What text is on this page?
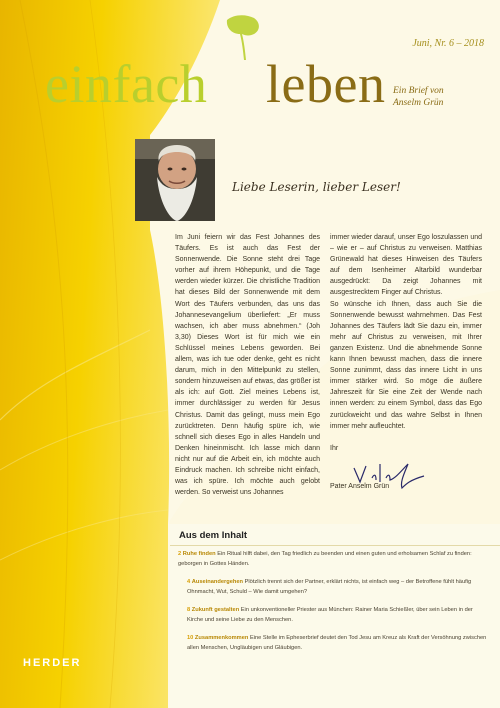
Juni, Nr. 6 – 2018
einfach leben Ein Brief von
Anselm Grün
Liebe Leserin, lieber Leser!

Im Juni feiern wir das Fest Johannes des Täufers. Es ist auch das Fest der Sonnenwende. Die Sonne steht drei Tage vorher auf ihrem Höhepunkt, und die Tage werden wieder kürzer. Die christliche Tradition hat dieses Bild der Sonnenwende mit dem Wort des Täufers verbunden, das uns das Johannesevangelium überliefert: „Er muss wachsen, ich aber muss abnehmen.“ (Joh 3,30) Dieses Wort ist für mich wie ein Schlüssel meines Lebens geworden. Bei allem, was ich tue oder denke, geht es nicht darum, mich in den Mittelpunkt zu stellen, sondern hinzuweisen auf etwas, das größer ist als ich: auf Gott. Ziel meines Lebens ist, immer durchlässiger zu werden für Jesus Christus. Damit das gelingt, muss mein Ego zurücktreten. Denn häufig spüre ich, wie schnell sich dieses Ego in alles Handeln und Denken hineinmischt. Ich lasse mich dann nicht nur auf die Arbeit ein, ich möchte auch Eindruck machen. Ich schreibe nicht einfach, was ich spüre. Ich möchte auch gelobt werden. So verweist uns Johannes

immer wieder darauf, unser Ego loszulassen und – wie er – auf Christus zu verweisen. Matthias Grünewald hat dieses Hinweisen des Täufers auf dem Isenheimer Altarbild wunderbar ausgedrückt: Da zeigt Johannes mit ausgestrecktem Finger auf Christus.

So wünsche ich Ihnen, dass auch Sie die Sonnenwende bewusst wahrnehmen. Das Fest Johannes des Täufers lädt Sie dazu ein, immer mehr auf Christus zu verweisen, mit Ihrer ganzen Existenz. Und die abnehmende Sonne kann Ihnen bewusst machen, dass die innere Sonne zunimmt, dass das innere Licht in uns immer stärker wird. So möge die äußere Jahreszeit für Sie eine Zeit der Wende nach innen werden: zu einem Symbol, dass das Ego zurückweicht und das wahre Selbst in Ihnen immer mehr aufleuchtet.

Ihr

Pater Anselm Grün

Aus dem Inhalt
2 Ruhe finden Ein Ritual hilft dabei, den Tag friedlich zu beenden und einen guten und erholsamen Schlaf zu finden: geborgen in Gottes Händen.
4 Auseinandergehen Plötzlich trennt sich der Partner, erklärt nichts, ist einfach weg – der Betroffene fühlt häufig Ohnmacht, Wut, Schuld – Wie damit umgehen?
8 Zukunft gestalten Ein unkonventioneller Priester aus München: Rainer Maria Schießler, über sein Leben in der Kirche und seine Liebe zu den Menschen.
10 Zusammenkommen Eine Stelle im Epheserbrief deutet den Tod Jesu am Kreuz als Kraft der Versöhnung zwischen allen Menschen, Ungläubigen und Gläubigen.
HERDER
